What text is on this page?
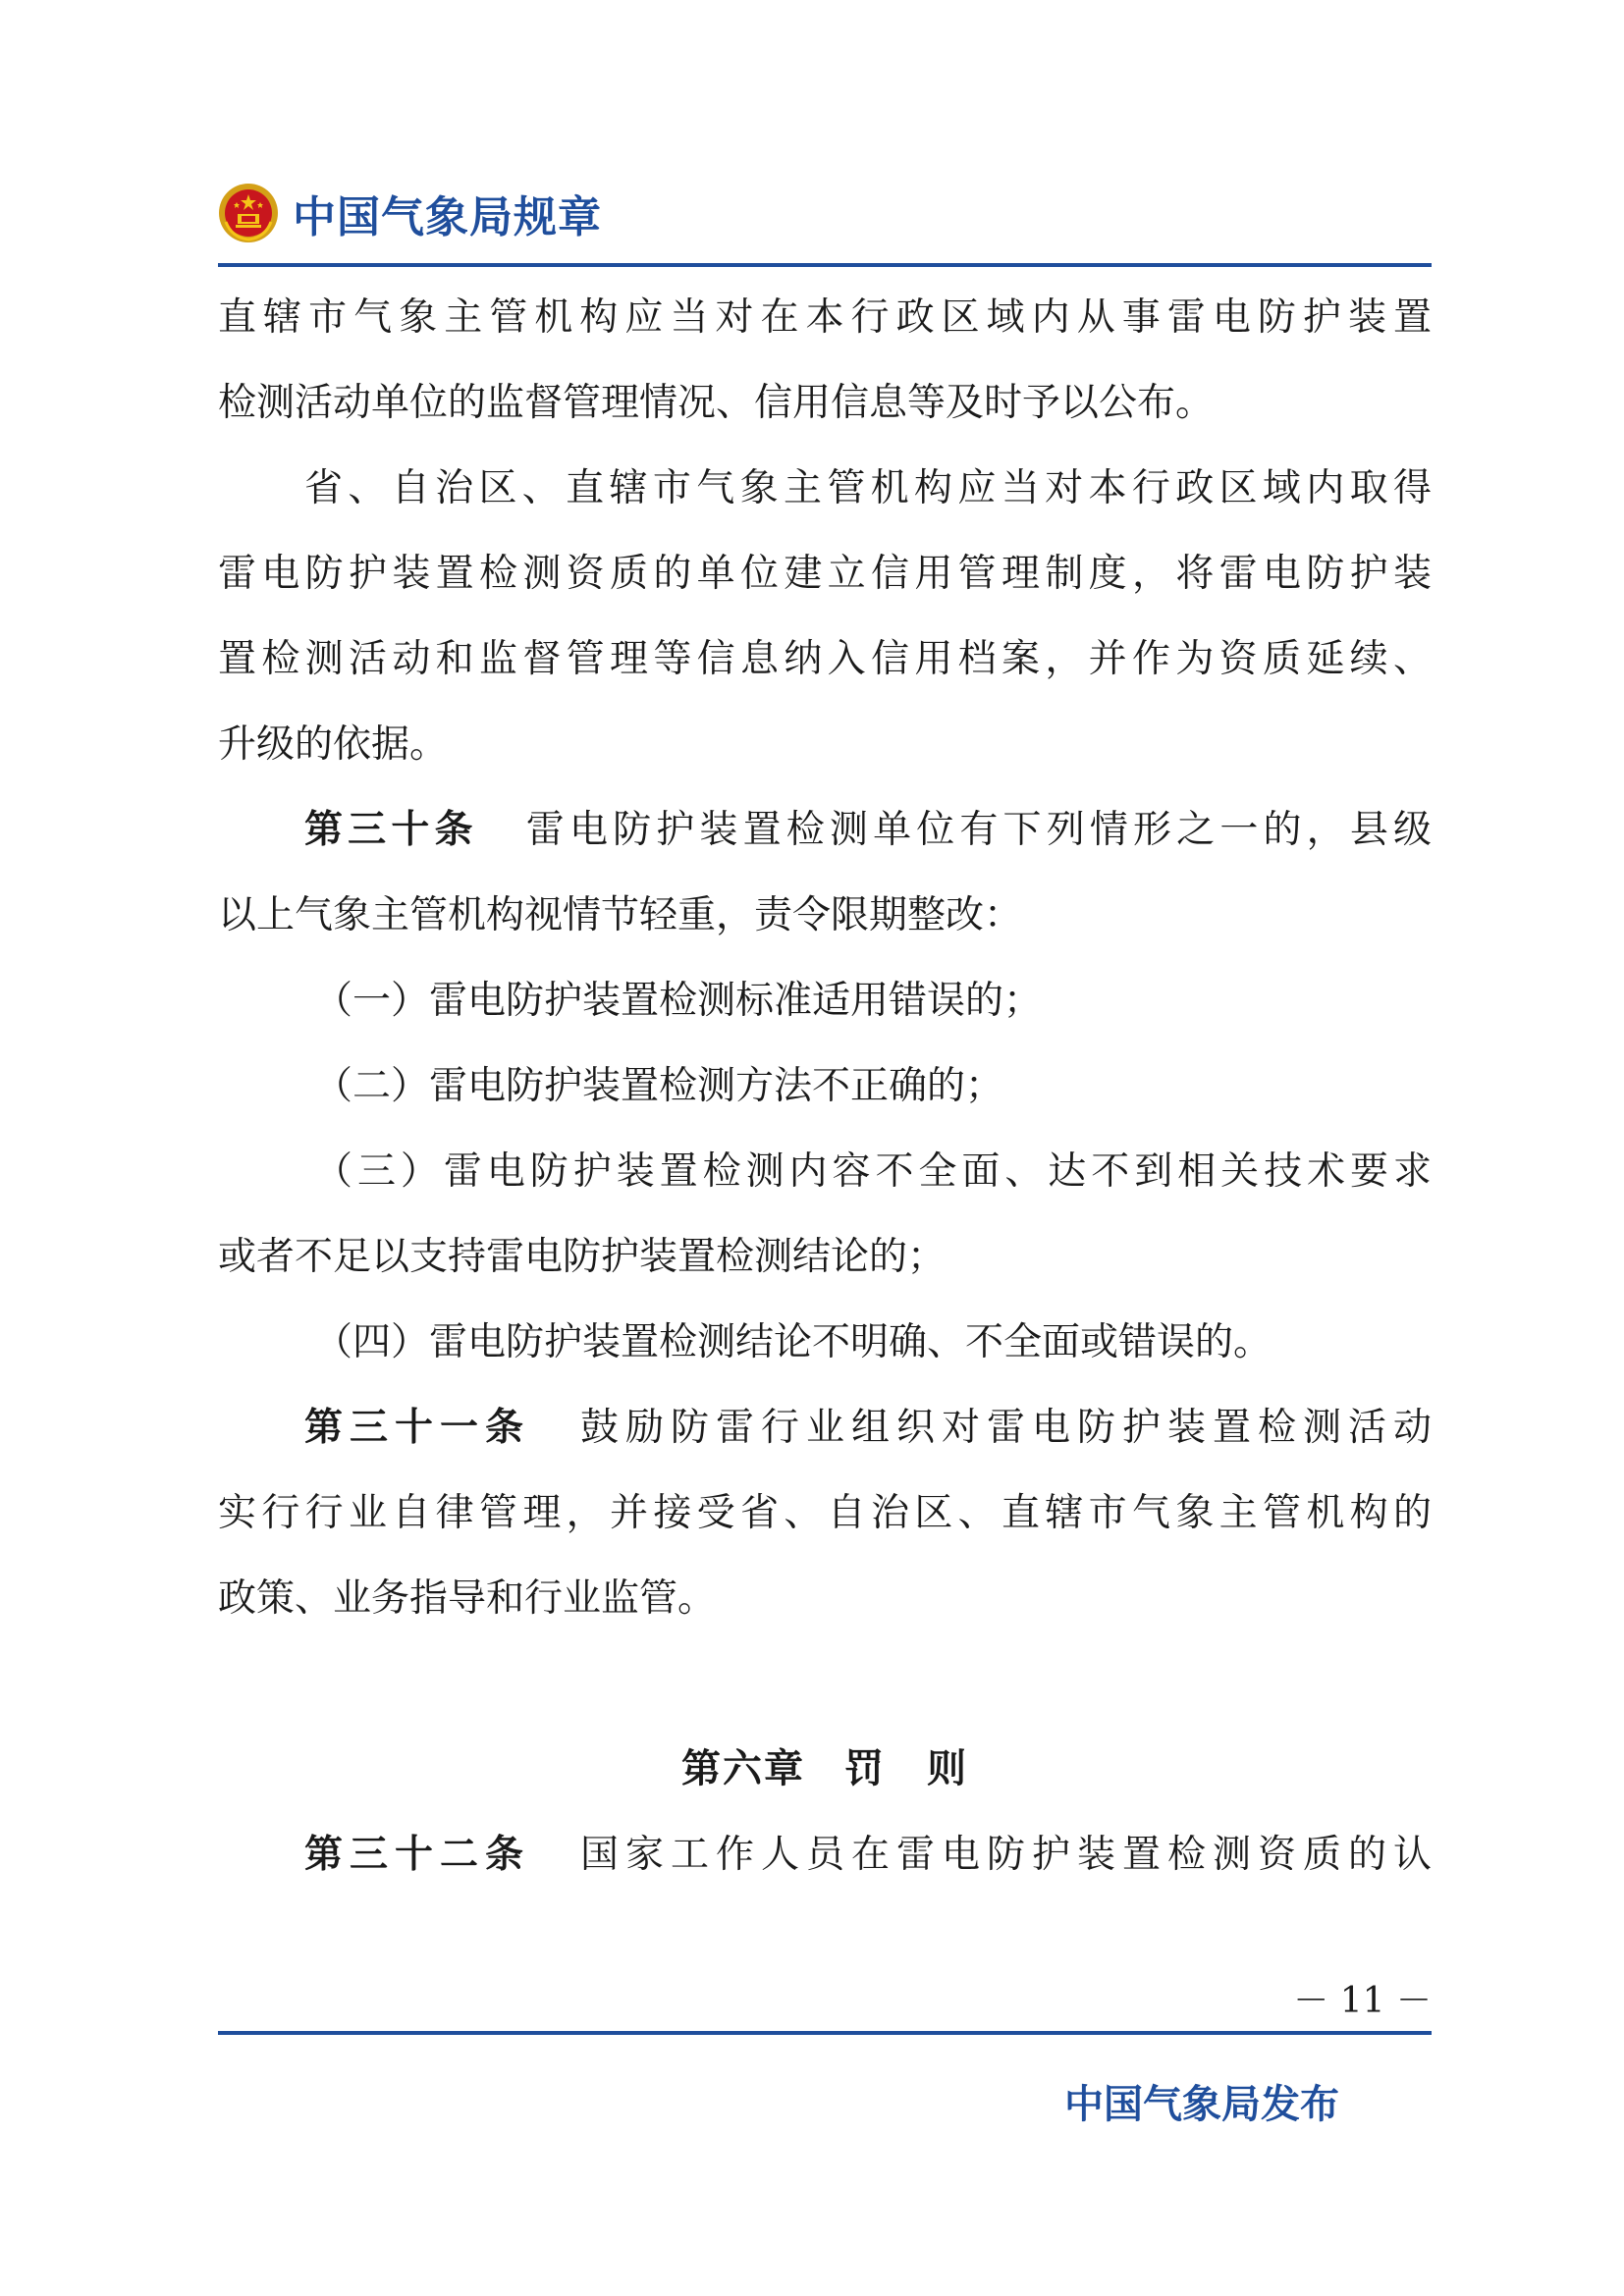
中国气象局规章
直辖市气象主管机构应当对在本行政区域内从事雷电防护装置
检测活动单位的监督管理情况、信用信息等及时予以公布。
省、自治区、直辖市气象主管机构应当对本行政区域内取得
雷电防护装置检测资质的单位建立信用管理制度，将雷电防护装
置检测活动和监督管理等信息纳入信用档案，并作为资质延续、
升级的依据。
第三十条 雷电防护装置检测单位有下列情形之一的，县级
以上气象主管机构视情节轻重，责令限期整改：
（一）雷电防护装置检测标准适用错误的；
（二）雷电防护装置检测方法不正确的；
（三）雷电防护装置检测内容不全面、达不到相关技术要求
或者不足以支持雷电防护装置检测结论的；
（四）雷电防护装置检测结论不明确、不全面或错误的。
第三十一条 鼓励防雷行业组织对雷电防护装置检测活动
实行行业自律管理，并接受省、自治区、直辖市气象主管机构的
政策、业务指导和行业监管。
第六章 罚　则
第三十二条 国家工作人员在雷电防护装置检测资质的认
－ 11 －
中国气象局发布
